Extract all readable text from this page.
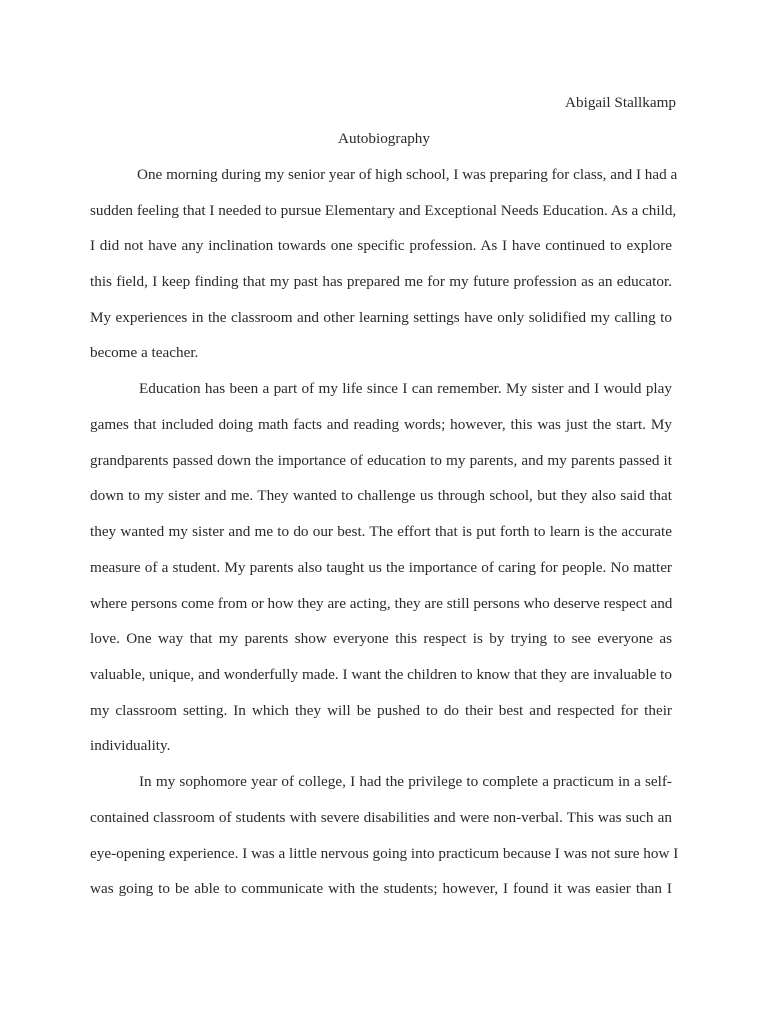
Abigail Stallkamp
Autobiography
One morning during my senior year of high school, I was preparing for class, and I had a
sudden feeling that I needed to pursue Elementary and Exceptional Needs Education. As a child,
I did not have any inclination towards one specific profession. As I have continued to explore
this field, I keep finding that my past has prepared me for my future profession as an educator.
My experiences in the classroom and other learning settings have only solidified my calling to
become a teacher.
Education has been a part of my life since I can remember. My sister and I would play
games that included doing math facts and reading words; however, this was just the start. My
grandparents passed down the importance of education to my parents, and my parents passed it
down to my sister and me. They wanted to challenge us through school, but they also said that
they wanted my sister and me to do our best. The effort that is put forth to learn is the accurate
measure of a student. My parents also taught us the importance of caring for people. No matter
where persons come from or how they are acting, they are still persons who deserve respect and
love. One way that my parents show everyone this respect is by trying to see everyone as
valuable, unique, and wonderfully made. I want the children to know that they are invaluable to
my classroom setting. In which they will be pushed to do their best and respected for their
individuality.
In my sophomore year of college, I had the privilege to complete a practicum in a self-
contained classroom of students with severe disabilities and were non-verbal. This was such an
eye-opening experience. I was a little nervous going into practicum because I was not sure how I
was going to be able to communicate with the students; however, I found it was easier than I
